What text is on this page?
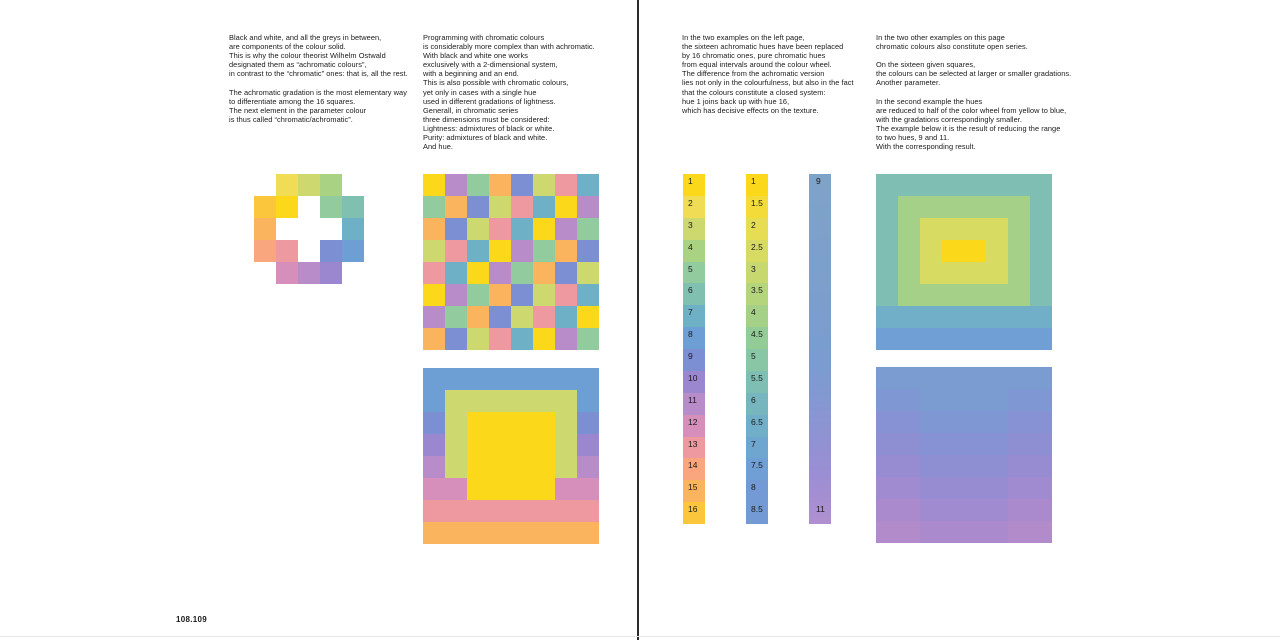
Black and white, and all the greys in between,
are components of the colour solid.
This is why the colour theorist Wilhelm Ostwald
designated them as “achromatic colours”,
in contrast to the “chromatic” ones: that is, all the rest.

The achromatic gradation is the most elementary way
to differentiate among the 16 squares.
The next element in the parameter colour
is thus called “chromatic/achromatic”.
Programming with chromatic colours
is considerably more complex than with achromatic.
With black and white one works
exclusively with a 2-dimensional system,
with a beginning and an end.
This is also possible with chromatic colours,
yet only in cases with a single hue
used in different gradations of lightness.
Generall, in chromatic series
three dimensions must be considered:
Lightness: admixtures of black or white.
Purity: admixtures of black and white.
And hue.
In the two examples on the left page,
the sixteen achromatic hues have been replaced
by 16 chromatic ones, pure chromatic hues
from equal intervals around the colour wheel.
The difference from the achromatic version
lies not only in the colourfulness, but also in the fact
that the colours constitute a closed system:
hue 1 joins back up with hue 16,
which has decisive effects on the texture.
In the two other examples on this page
chromatic colours also constitute open series.

On the sixteen given squares,
the colours can be selected at larger or smaller gradations.
Another parameter.

In the second example the hues
are reduced to half of the color wheel from yellow to blue,
with the gradations correspondingly smaller.
The example below it is the result of reducing the range
to two hues, 9 and 11.
With the corresponding result.
1
2
3
4
5
6
7
8
9
10
11
12
13
14
15
16
1
1.5
2
2.5
3
3.5
4
4.5
5
5.5
6
6.5
7
7.5
8
8.5
9
11
108.109
